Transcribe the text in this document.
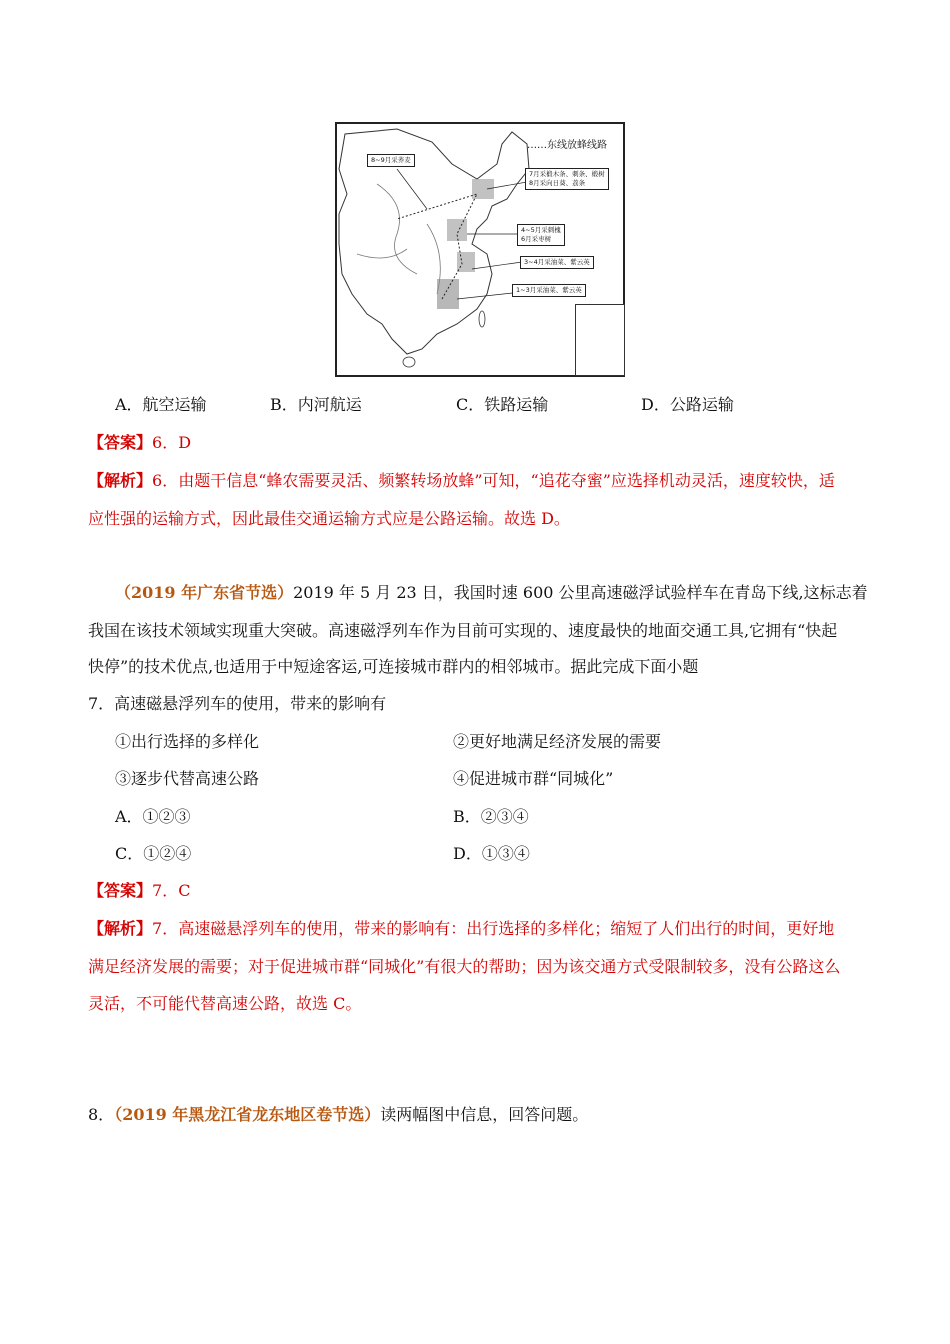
……东线放蜂线路
8~9月采荞麦
7月采椴木条、刺条、椴树
8月采向日葵、荔条
4~5月采刺槐
6月采枣树
3~4月采油菜、紫云英
1~3月采油菜、紫云英
A．航空运输	B．内河航运	C．铁路运输	D．公路运输
【答案】6．D
【解析】6．由题干信息“蜂农需要灵活、频繁转场放蜂”可知，“追花夺蜜”应选择机动灵活，速度较快，适
应性强的运输方式，因此最佳交通运输方式应是公路运输。故选 D。
（2019 年广东省节选）2019 年 5 月 23 日，我国时速 600 公里高速磁浮试验样车在青岛下线,这标志着
我国在该技术领域实现重大突破。高速磁浮列车作为目前可实现的、速度最快的地面交通工具,它拥有“快起
快停”的技术优点,也适用于中短途客运,可连接城市群内的相邻城市。据此完成下面小题
7．高速磁悬浮列车的使用，带来的影响有
①出行选择的多样化	②更好地满足经济发展的需要
③逐步代替高速公路	④促进城市群“同城化”
A．①②③	B．②③④
C．①②④	D．①③④
【答案】7．C
【解析】7．高速磁悬浮列车的使用，带来的影响有：出行选择的多样化；缩短了人们出行的时间，更好地
满足经济发展的需要；对于促进城市群“同城化”有很大的帮助；因为该交通方式受限制较多，没有公路这么
灵活，不可能代替高速公路，故选 C。
8．（2019 年黑龙江省龙东地区卷节选）读两幅图中信息，回答问题。
